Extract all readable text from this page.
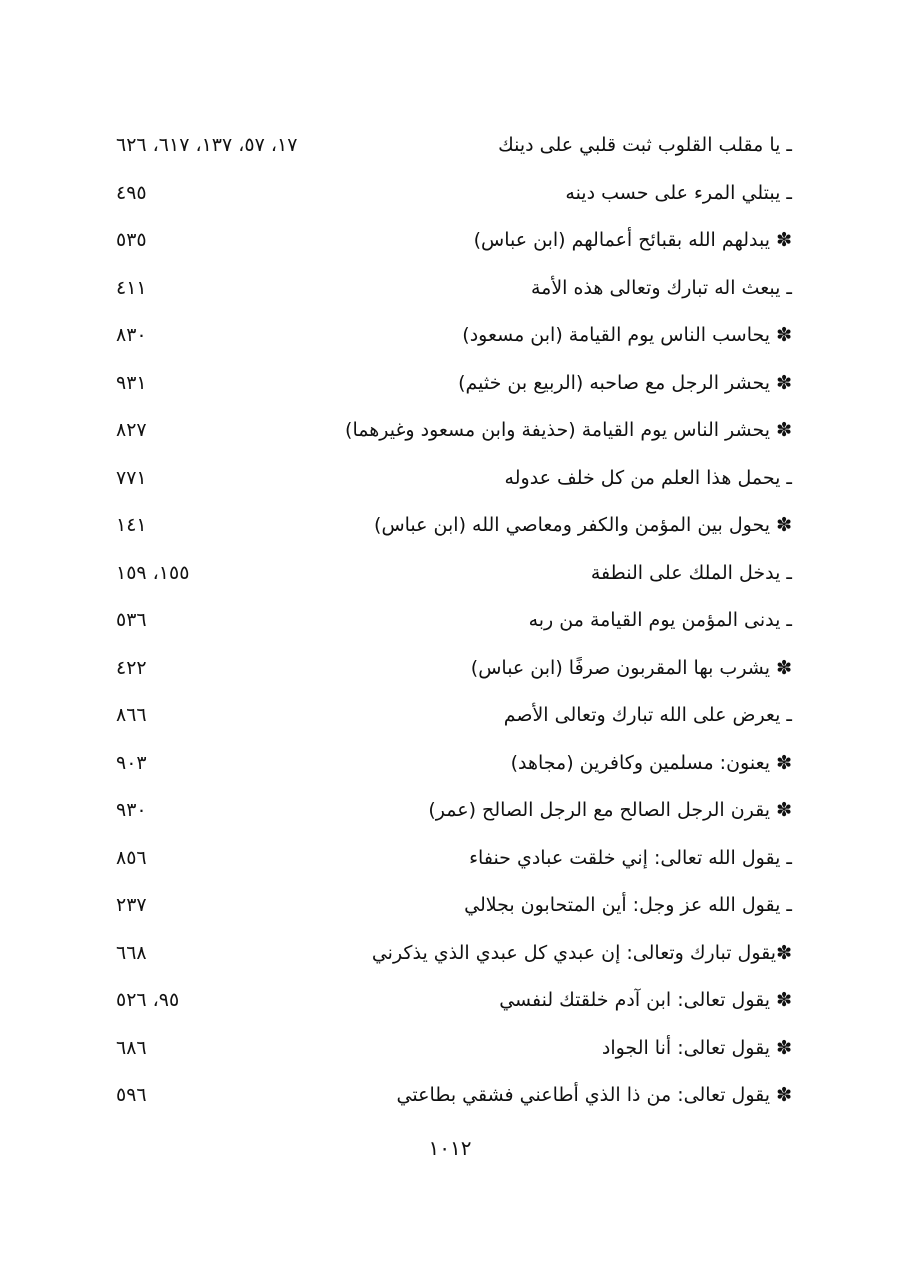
ـ يا مقلب القلوب ثبت قلبي على دينك
١٧، ٥٧، ١٣٧، ٦١٧، ٦٢٦
ـ يبتلي المرء على حسب دينه
٤٩٥
✽ يبدلهم الله بقبائح أعمالهم (ابن عباس)
٥٣٥
ـ يبعث اله تبارك وتعالى هذه الأمة
٤١١
✽ يحاسب الناس يوم القيامة (ابن مسعود)
٨٣٠
✽ يحشر الرجل مع صاحبه (الربيع بن خثيم)
٩٣١
✽ يحشر الناس يوم القيامة (حذيفة وابن مسعود وغيرهما)
٨٢٧
ـ يحمل هذا العلم من كل خلف عدوله
٧٧١
✽ يحول بين المؤمن والكفر ومعاصي الله (ابن عباس)
١٤١
ـ يدخل الملك على النطفة
١٥٥، ١٥٩
ـ يدنى المؤمن يوم القيامة من ربه
٥٣٦
✽ يشرب بها المقربون صرفًا (ابن عباس)
٤٢٢
ـ يعرض على الله تبارك وتعالى الأصم
٨٦٦
✽ يعنون: مسلمين وكافرين (مجاهد)
٩٠٣
✽ يقرن الرجل الصالح مع الرجل الصالح (عمر)
٩٣٠
ـ يقول الله تعالى: إني خلقت عبادي حنفاء
٨٥٦
ـ يقول الله عز وجل: أين المتحابون بجلالي
٢٣٧
✽يقول تبارك وتعالى: إن عبدي كل عبدي الذي يذكرني
٦٦٨
✽ يقول تعالى: ابن آدم خلقتك لنفسي
٩٥، ٥٢٦
✽ يقول تعالى: أنا الجواد
٦٨٦
✽ يقول تعالى: من ذا الذي أطاعني فشقي بطاعتي
٥٩٦
١٠١٢
